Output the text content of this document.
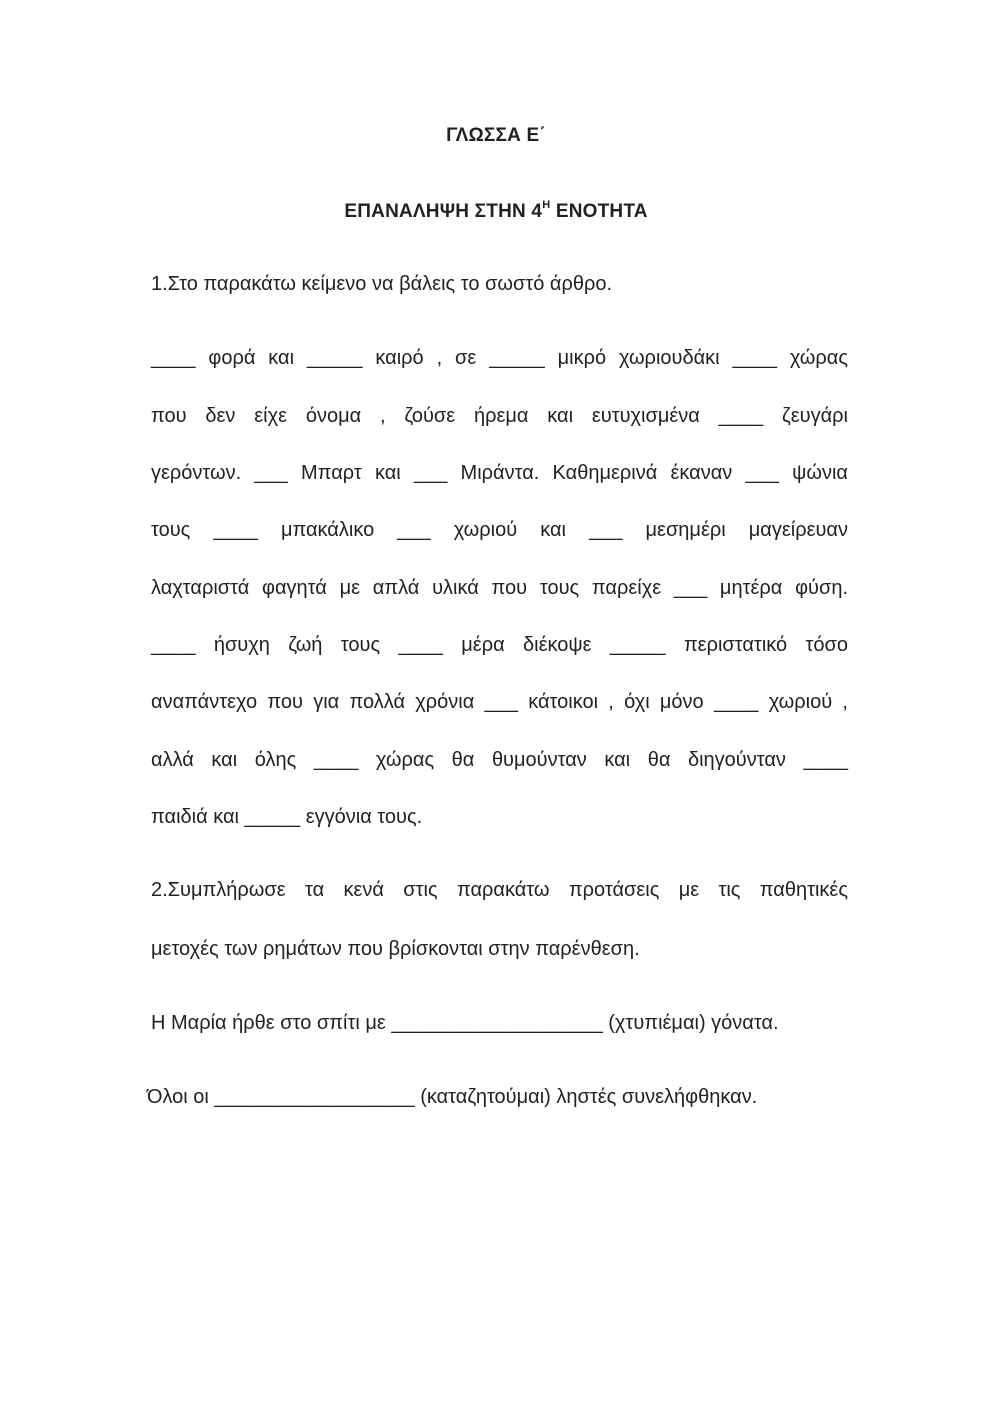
ΓΛΩΣΣΑ Ε΄
ΕΠΑΝΑΛΗΨΗ ΣΤΗΝ $4^H$ ΕΝΟΤΗΤΑ
1.Στο παρακάτω κείμενο να βάλεις το σωστό άρθρο.
____ φορά και _____ καιρό , σε _____ μικρό χωριουδάκι ____ χώρας
που δεν είχε όνομα , ζούσε ήρεμα και ευτυχισμένα ____ ζευγάρι
γερόντων. ___ Μπαρτ και ___ Μιράντα. Καθημερινά έκαναν ___ ψώνια
τους ____ μπακάλικο ___ χωριού και ___ μεσημέρι μαγείρευαν
λαχταριστά φαγητά με απλά υλικά που τους παρείχε ___ μητέρα φύση.
____ ήσυχη ζωή τους ____ μέρα διέκοψε _____ περιστατικό τόσο
αναπάντεχο που για πολλά χρόνια ___ κάτοικοι , όχι μόνο ____ χωριού ,
αλλά και όλης ____ χώρας θα θυμούνταν και θα διηγούνταν ____
παιδιά και _____ εγγόνια τους.
2.Συμπλήρωσε τα κενά στις παρακάτω προτάσεις με τις παθητικές
μετοχές των ρημάτων που βρίσκονται στην παρένθεση.
Η Μαρία ήρθε στο σπίτι με ___________________ (χτυπιέμαι) γόνατα.
Όλοι οι __________________ (καταζητούμαι) ληστές συνελήφθηκαν.
